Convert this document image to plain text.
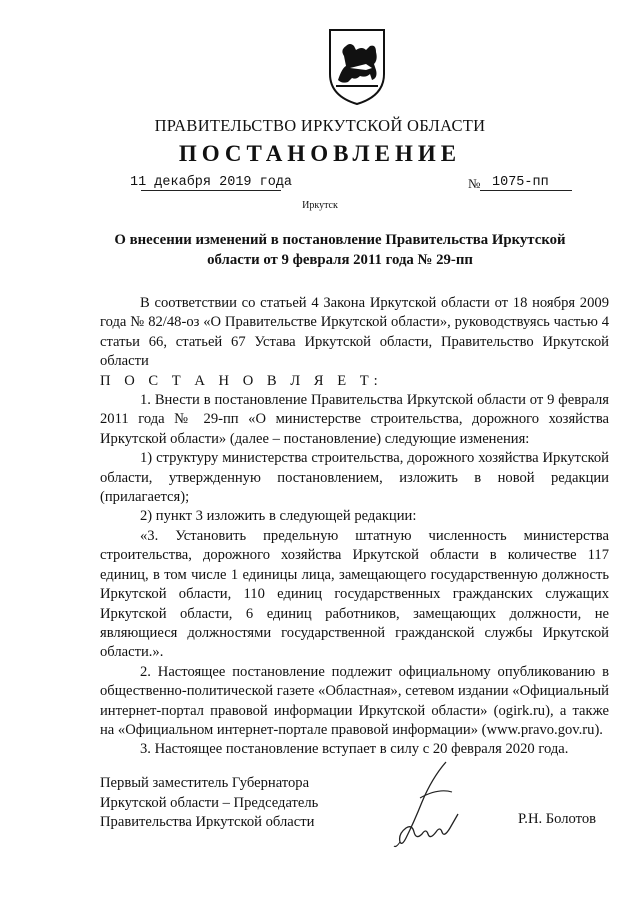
ПРАВИТЕЛЬСТВО ИРКУТСКОЙ ОБЛАСТИ
ПОСТАНОВЛЕНИЕ
11 декабря 2019 года	№ 1075-пп
Иркутск
О внесении изменений в постановление Правительства Иркутской
области от 9 февраля 2011 года № 29-пп

В соответствии со статьей 4 Закона Иркутской области от 18 ноября 2009 года № 82/48-оз «О Правительстве Иркутской области», руководствуясь частью 4 статьи 66, статьей 67 Устава Иркутской области, Правительство Иркутской области

П О С Т А Н О В Л Я Е Т:

1. Внести в постановление Правительства Иркутской области от 9 февраля 2011 года № 29-пп «О министерстве строительства, дорожного хозяйства Иркутской области» (далее – постановление) следующие изменения:

1) структуру министерства строительства, дорожного хозяйства Иркутской области, утвержденную постановлением, изложить в новой редакции (прилагается);

2) пункт 3 изложить в следующей редакции:

«3. Установить предельную штатную численность министерства строительства, дорожного хозяйства Иркутской области в количестве 117 единиц, в том числе 1 единицы лица, замещающего государственную должность Иркутской области, 110 единиц государственных гражданских служащих Иркутской области, 6 единиц работников, замещающих должности, не являющиеся должностями государственной гражданской службы Иркутской области.».

2. Настоящее постановление подлежит официальному опубликованию в общественно-политической газете «Областная», сетевом издании «Официальный интернет-портал правовой информации Иркутской области» (ogirk.ru), а также на «Официальном интернет-портале правовой информации» (www.pravo.gov.ru).

3. Настоящее постановление вступает в силу с 20 февраля 2020 года.

Первый заместитель Губернатора
Иркутской области – Председатель
Правительства Иркутской области	Р.Н. Болотов
